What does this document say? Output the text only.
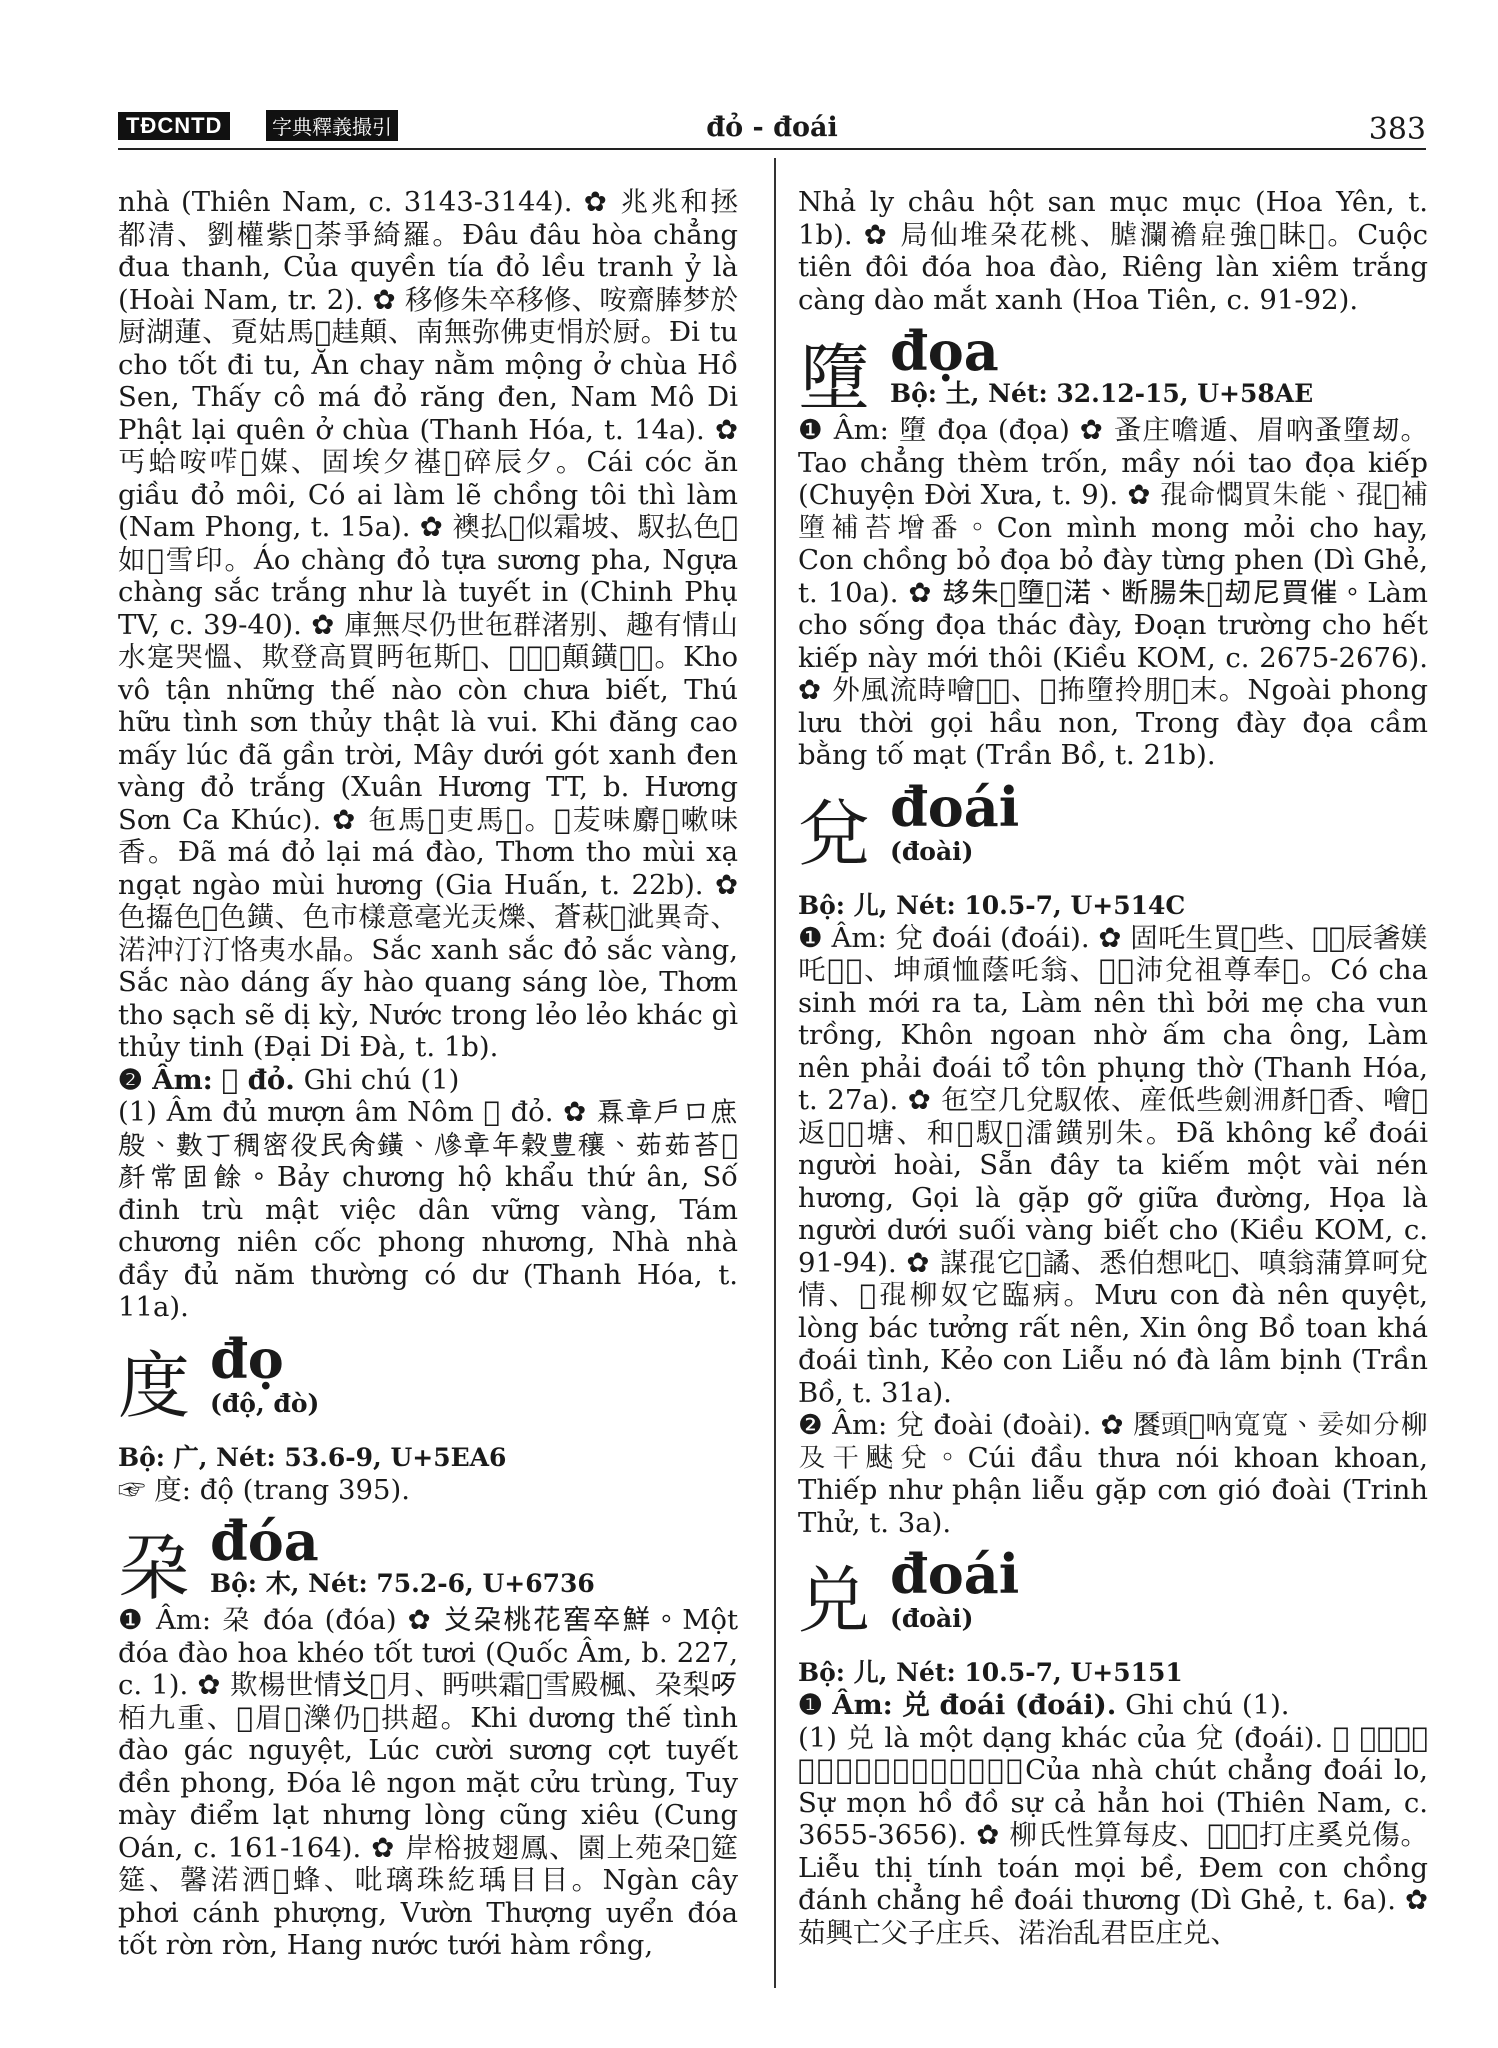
TĐCNTD	字典釋義撮引	đỏ - đoái	383

nhà (Thiên Nam, c. 3143-3144). ✿ 兆兆和拯都清、劉權紫𧹼荼爭綺羅。Đâu đâu hòa chẳng đua thanh, Của quyền tía đỏ lều tranh ỷ là (Hoài Nam, tr. 2). ✿ 移修朱卒移修、咹齋䏾梦於厨湖蓮、覔姑馬𧹼䞨顛、南無弥佛吏悁於厨。Đi tu cho tốt đi tu, Ăn chay nằm mộng ở chùa Hồ Sen, Thấy cô má đỏ răng đen, Nam Mô Di Phật lại quên ở chùa (Thanh Hóa, t. 14a). ✿ 丐蛤咹𠷆𧹼媒、固埃夕禥𩛂碎辰夕。Cái cóc ăn giầu đỏ môi, Có ai làm lẽ chồng tôi thì làm (Nam Phong, t. 15a). ✿ 襖払𧹼似霜坡、馭払色𤽸如𤳇雪印。Áo chàng đỏ tựa sương pha, Ngựa chàng sắc trắng như là tuyết in (Chinh Phụ TV, c. 39-40). ✿ 庫無尽仍世㐌群渚别、趣有情山水寔哭慍、欺登高買眄㐌斯𡗶、𨀈𨁝𠹾顛鐄𧹼𤽸。Kho vô tận những thế nào còn chưa biết, Thú hữu tình sơn thủy thật là vui. Khi đăng cao mấy lúc đã gần trời, Mây dưới gót xanh đen vàng đỏ trắng (Xuân Hương TT, b. Hương Sơn Ca Khúc). ✿ 㐌馬𧹼吏馬𧹼。𦹵苃味麝𦵛嗽味香。Đã má đỏ lại má đào, Thơm tho mùi xạ ngạt ngào mùi hương (Gia Huấn, t. 22b). ✿ 色㩡色𧹼色鐄、色市樣意毫光㶣爍、蒼萩𤄶泚異奇、渃沖汀汀恪夷水晶。Sắc xanh sắc đỏ sắc vàng, Sắc nào dáng ấy hào quang sáng lòe, Thơm tho sạch sẽ dị kỳ, Nước trong lẻo lẻo khác gì thủy tinh (Đại Di Đà, t. 1b).

❷ Âm: 𧹼 đỏ. Ghi chú (1)

(1) Âm đủ mượn âm Nôm 𧹼 đỏ. ✿ 𤾓章戶口庶殷、數丁稠密役民𠇮鐄、𠔭章年穀豊穰、茹茹苔𧹼𠦳常固餘。Bảy chương hộ khẩu thứ ân, Số đinh trù mật việc dân vững vàng, Tám chương niên cốc phong nhương, Nhà nhà đầy đủ năm thường có dư (Thanh Hóa, t. 11a).

度 đọ
(độ, đò)
Bộ: 广, Nét: 53.6-9, U+5EA6

☞ 度: độ (trang 395).

朶 đóa
Bộ: 木, Nét: 75.2-6, U+6736

❶ Âm: 朶 đóa (đóa) ✿ 𠬠朶桃花窖卒鮮。Một đóa đào hoa khéo tốt tươi (Quốc Âm, b. 227, c. 1). ✿ 欺楊世情𠬠𢬣月、眄哄霜𠻃雪殿楓、朶梨𠯪栢九重、𨇜眉𧺃濼仍𢜏拱超。Khi dương thế tình đào gác nguyệt, Lúc cười sương cợt tuyết đền phong, Đóa lê ngon mặt cửu trùng, Tuy mày điểm lạt nhưng lòng cũng xiêu (Cung Oán, c. 161-164). ✿ 岸㭲披翅鳳、園上苑朶𡧲筵筵、馨渃洒𠊚蜂、吡璃珠紇瑀目目。Ngàn cây phơi cánh phượng, Vườn Thượng uyển đóa tốt rờn rờn, Hang nước tưới hàm rồng,

Nhả ly châu hột san mục mục (Hoa Yên, t. 1b). ✿ 局仙堆朶花桃、𦞐瀾襜𤽸強𤍇眛𩄲。Cuộc tiên đôi đóa hoa đào, Riêng làn xiêm trắng càng dào mắt xanh (Hoa Tiên, c. 91-92).

墮 đọa
Bộ: 土, Nét: 32.12-15, U+58AE

❶ Âm: 墮 đọa (đọa) ✿ 蚤庄噡遁、眉吶蚤墮刼。Tao chẳng thèm trốn, mầy nói tao đọa kiếp (Chuyện Đời Xưa, t. 9). ✿ 𡥵命㦖買朱能、𡥵𩛂補墮補苔增番。Con mình mong mỏi cho hay, Con chồng bỏ đọa bỏ đày từng phen (Dì Ghẻ, t. 10a). ✿ 𠫾朱𤯩墮𣳮渃、断腸朱𣋚刼尼買催。Làm cho sống đọa thác đày, Đoạn trường cho hết kiếp này mới thôi (Kiều KOM, c. 2675-2676). ✿ 外風流時噲𠈗𡺳、𨕭抪墮拎朋𠈗末。Ngoài phong lưu thời gọi hầu non, Trong đày đọa cầm bằng tố mạt (Trần Bồ, t. 21b).

兌 đoái
(đoài)
Bộ: 儿, Nét: 10.5-7, U+514C

❶ Âm: 兌 đoái (đoái). ✿ 固吒生買𪫚些、𠫾𢬣辰㸙媄吒𢯨𧸝、坤頑恤蔭吒翁、𠫾𢬣沛兌祖尊奉𪵷。Có cha sinh mới ra ta, Làm nên thì bởi mẹ cha vun trồng, Khôn ngoan nhờ ấm cha ông, Làm nên phải đoái tổ tôn phụng thờ (Thanh Hóa, t. 27a). ✿ 㐌空几兌馭侬、産低些劍𣳔𠦳𤈜香、噲𤳇返𢹣𨕭塘、和𤳇馭𤳆㵢鐄别朱。Đã không kể đoái người hoài, Sẵn đây ta kiếm một vài nén hương, Gọi là gặp gỡ giữa đường, Họa là người dưới suối vàng biết cho (Kiều KOM, c. 91-94). ✿ 謀𡥵它𢬣譎、悉伯想叱𢬣、嗔翁蒲算呵兌情、𢱜𡥵柳奴它臨病。Mưu con đà nên quyệt, lòng bác tưởng rất nên, Xin ông Bồ toan khá đoái tình, Kẻo con Liễu nó đà lâm bịnh (Trần Bồ, t. 31a).

❷ Âm: 兌 đoài (đoài). ✿ 𩞨頭𨀈吶寬寬、妾如分柳及干𩗂兌。Cúi đầu thưa nói khoan khoan, Thiếp như phận liễu gặp cơn gió đoài (Trinh Thử, t. 3a).

兑 đoái
(đoài)
Bộ: 儿, Nét: 10.5-7, U+5151

❶ Âm: 兑 đoái (đoái). Ghi chú (1).

(1) 兑 là một dạng khác của 兌 (đoái). ✿ 𥙩茹𤞺拯兑怗、事𦓡湖塗事奇罕灰。Của nhà chút chẳng đoái lo, Sự mọn hồ đồ sự cả hẳn hoi (Thiên Nam, c. 3655-3656). ✿ 柳氏性算每皮、𢪀𡥵𩛂打庄奚兑傷。Liễu thị tính toán mọi bề, Đem con chồng đánh chẳng hề đoái thương (Dì Ghẻ, t. 6a). ✿ 茹興亡父子庄兵、渃治乱君臣庄兑、
